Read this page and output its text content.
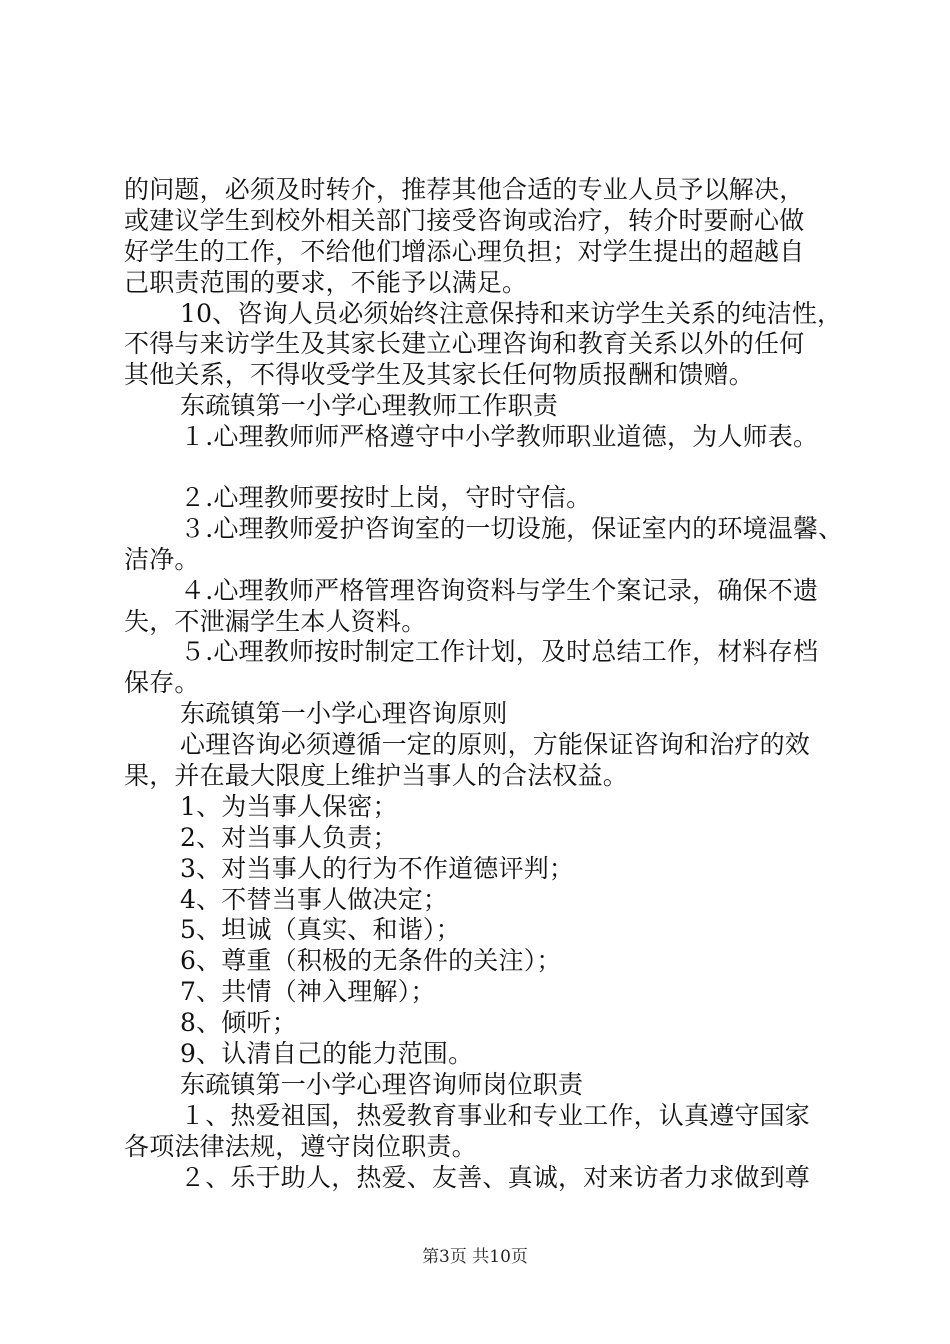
的问题，必须及时转介，推荐其他合适的专业人员予以解决，
或建议学生到校外相关部门接受咨询或治疗，转介时要耐心做
好学生的工作，不给他们增添心理负担；对学生提出的超越自
己职责范围的要求，不能予以满足。
10、咨询人员必须始终注意保持和来访学生关系的纯洁性，
不得与来访学生及其家长建立心理咨询和教育关系以外的任何
其他关系，不得收受学生及其家长任何物质报酬和馈赠。
东疏镇第一小学心理教师工作职责
１.心理教师师严格遵守中小学教师职业道德，为人师表。
２.心理教师要按时上岗，守时守信。
３.心理教师爱护咨询室的一切设施，保证室内的环境温馨、
洁净。
４.心理教师严格管理咨询资料与学生个案记录，确保不遗
失，不泄漏学生本人资料。
５.心理教师按时制定工作计划，及时总结工作，材料存档
保存。
东疏镇第一小学心理咨询原则
心理咨询必须遵循一定的原则，方能保证咨询和治疗的效
果，并在最大限度上维护当事人的合法权益。
1、为当事人保密；
2、对当事人负责；
3、对当事人的行为不作道德评判；
4、不替当事人做决定；
5、坦诚（真实、和谐）；
6、尊重（积极的无条件的关注）；
7、共情（神入理解）；
8、倾听；
9、认清自己的能力范围。
东疏镇第一小学心理咨询师岗位职责
１、热爱祖国，热爱教育事业和专业工作，认真遵守国家
各项法律法规，遵守岗位职责。
２、乐于助人，热爱、友善、真诚，对来访者力求做到尊
第3页 共10页
